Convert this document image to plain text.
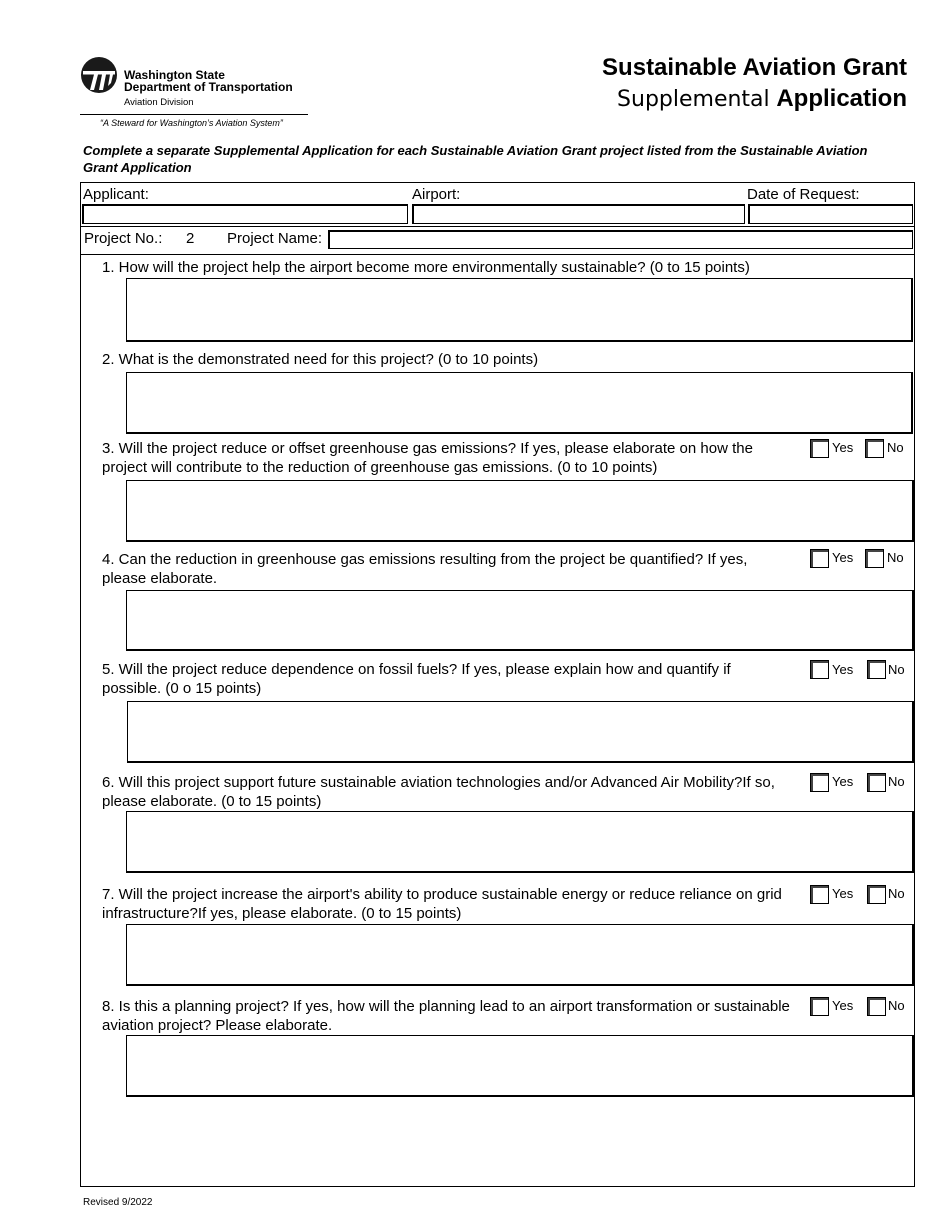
Washington State
Department of Transportation
Aviation Division
“A Steward for Washington’s Aviation System”
Sustainable Aviation Grant
Supplemental Application
Complete a separate Supplemental Application for each Sustainable Aviation Grant project listed from the Sustainable Aviation Grant Application
Applicant:	Airport:	Date of Request:
Project No.: 2 Project Name:
1. How will the project help the airport become more environmentally sustainable? (0 to 15 points)
2. What is the demonstrated need for this project? (0 to 10 points)
3. Will the project reduce or offset greenhouse gas emissions? If yes, please elaborate on how the project will contribute to the reduction of greenhouse gas emissions. (0 to 10 points)
Yes	No
4. Can the reduction in greenhouse gas emissions resulting from the project be quantified? If yes, please elaborate.
Yes	No
5. Will the project reduce dependence on fossil fuels? If yes, please explain how and quantify if possible. (0 o 15 points)
Yes	No
6. Will this project support future sustainable aviation technologies and/or Advanced Air Mobility?If so, please elaborate. (0 to 15 points)
Yes	No
7. Will the project increase the airport's ability to produce sustainable energy or reduce reliance on grid infrastructure?If yes, please elaborate. (0 to 15 points)
Yes	No
8. Is this a planning project? If yes, how will the planning lead to an airport transformation or sustainable aviation project? Please elaborate.
Yes	No
Revised 9/2022
